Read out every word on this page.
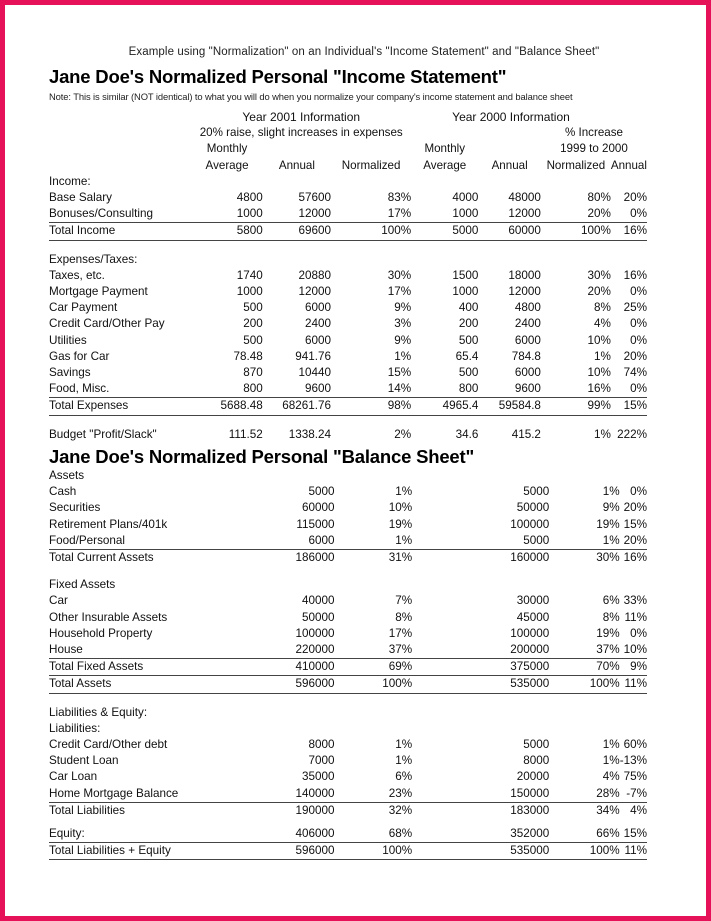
Example using "Normalization" on an Individual's "Income Statement" and "Balance Sheet"
Jane Doe's Normalized Personal "Income Statement"
Note: This is similar (NOT identical) to what you will do when you normalize your company's income statement and balance sheet
	Year 2001 Information			Year 2000 Information			
	20% raise, slight increases in expenses					% Increase	
	Monthly			Monthly		1999 to 2000	
	Average	Annual	Normalized	Average	Annual	Normalized	Annual
Income:							
Base Salary	4800	57600	83%	4000	48000	80%	20%
Bonuses/Consulting	1000	12000	17%	1000	12000	20%	0%
Total Income	5800	69600	100%	5000	60000	100%	16%

Expenses/Taxes:							
Taxes, etc.	1740	20880	30%	1500	18000	30%	16%
Mortgage Payment	1000	12000	17%	1000	12000	20%	0%
Car Payment	500	6000	9%	400	4800	8%	25%
Credit Card/Other Pay	200	2400	3%	200	2400	4%	0%
Utilities	500	6000	9%	500	6000	10%	0%
Gas for Car	78.48	941.76	1%	65.4	784.8	1%	20%
Savings	870	10440	15%	500	6000	10%	74%
Food, Misc.	800	9600	14%	800	9600	16%	0%
Total Expenses	5688.48	68261.76	98%	4965.4	59584.8	99%	15%

Budget "Profit/Slack"	111.52	1338.24	2%	34.6	415.2	1%	222%
Jane Doe's Normalized Personal "Balance Sheet"
Assets							
Cash		5000	1%		5000	1%	0%
Securities		60000	10%		50000	9%	20%
Retirement Plans/401k		115000	19%		100000	19%	15%
Food/Personal		6000	1%		5000	1%	20%
Total Current Assets		186000	31%		160000	30%	16%

Fixed Assets							
Car		40000	7%		30000	6%	33%
Other Insurable Assets		50000	8%		45000	8%	11%
Household Property		100000	17%		100000	19%	0%
House		220000	37%		200000	37%	10%
Total Fixed Assets		410000	69%		375000	70%	9%
Total Assets		596000	100%		535000	100%	11%

Liabilities & Equity:							
Liabilities:							
Credit Card/Other debt		8000	1%		5000	1%	60%
Student Loan		7000	1%		8000	1%	-13%
Car Loan		35000	6%		20000	4%	75%
Home Mortgage Balance		140000	23%		150000	28%	-7%
Total Liabilities		190000	32%		183000	34%	4%

Equity:		406000	68%		352000	66%	15%
Total Liabilities + Equity		596000	100%		535000	100%	11%
